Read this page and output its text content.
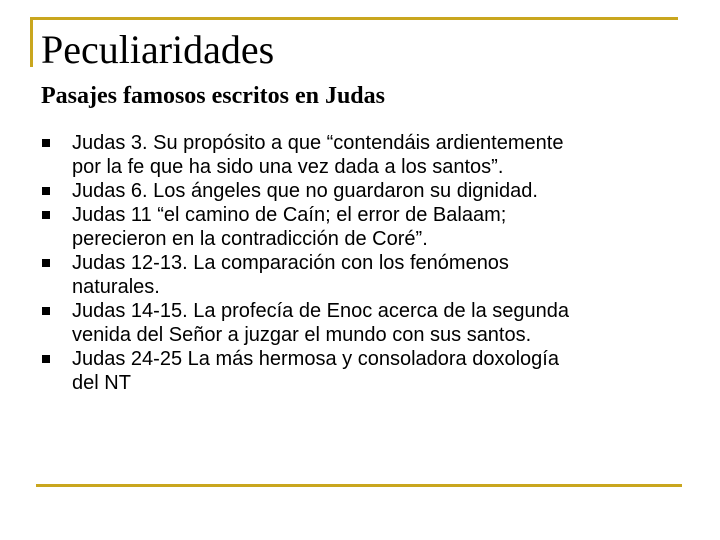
Peculiaridades
Pasajes famosos escritos en Judas
Judas 3. Su propósito a que “contendáis ardientemente
por la fe que ha sido una vez dada a los santos”.
Judas 6. Los ángeles que no guardaron su dignidad.
Judas 11 “el camino de Caín; el error de Balaam;
perecieron en la contradicción de Coré”.
Judas 12-13. La comparación con los fenómenos
naturales.
Judas 14-15. La profecía de Enoc acerca de la segunda
venida del Señor a juzgar el mundo con sus santos.
Judas 24-25 La más hermosa y consoladora doxología
del NT
